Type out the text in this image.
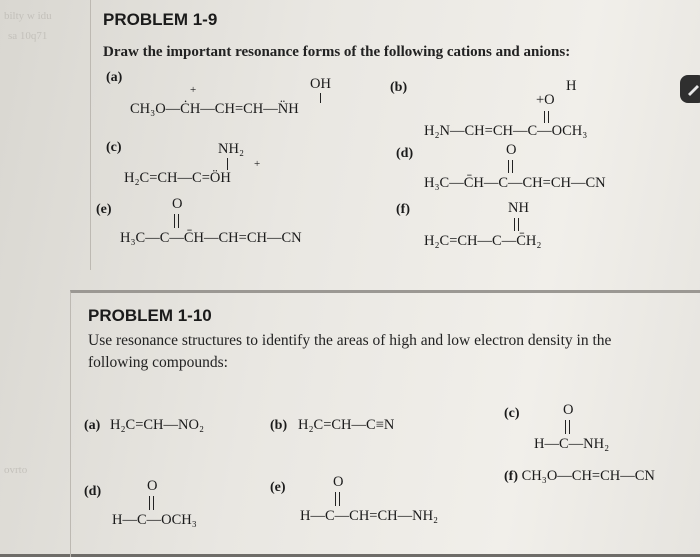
bilty w idu
sa 10q71
ovrto
PROBLEM 1-9
Draw the important resonance forms of the following cations and anions:
(a)	OH
+
CH₃O—ĊH—CH=CH—N̈H
(b)	H
+O
H₂N—CH=CH—C—OCH₃
(c)	NH₂
+
H₂C=CH—C=ÖH
(d)	O
H₃C—C̄H—C—CH=CH—CN
(e)	O
H₃C—C—C̄H—CH=CH—CN
(f)	NH
H₂C=CH—C—C̄H₂
PROBLEM 1-10
Use resonance structures to identify the areas of high and low electron density in the
following compounds:
(a) H₂C=CH—NO₂	(b) H₂C=CH—C≡N
(c)	O
H—C—NH₂
(f) CH₃O—CH=CH—CN
(d)	O
H—C—OCH₃
(e)	O
H—C—CH=CH—NH₂
